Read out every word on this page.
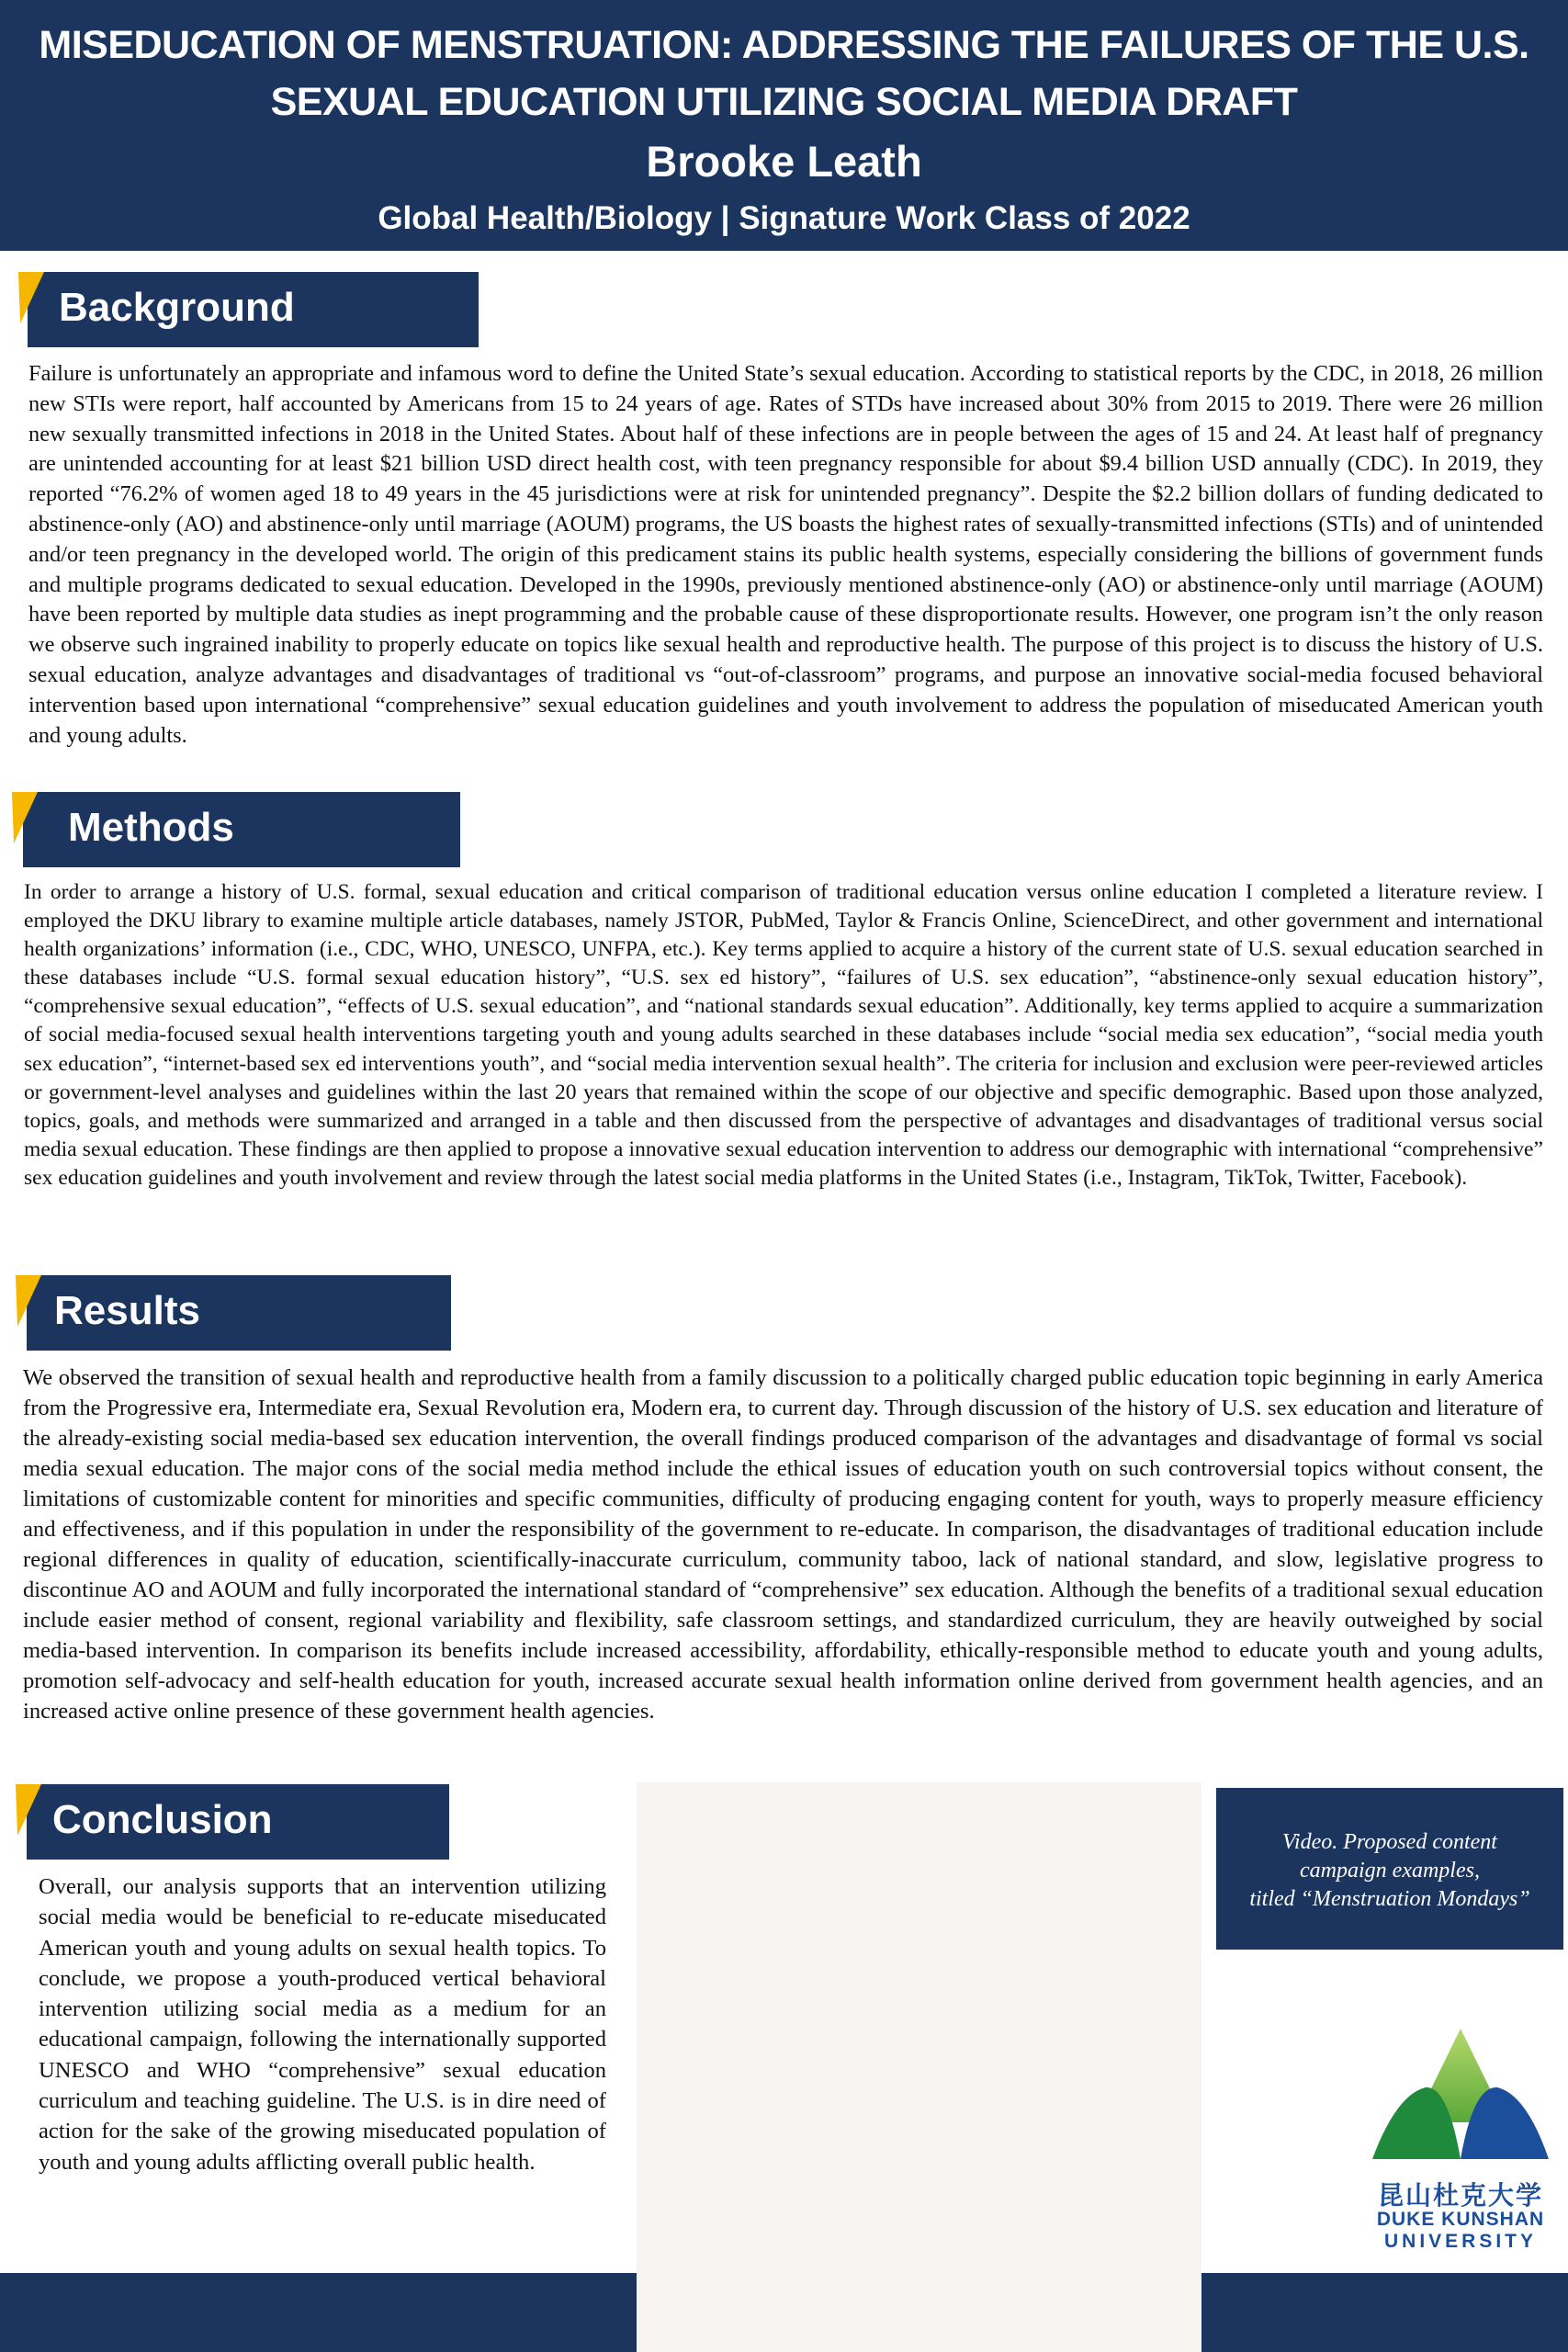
MISEDUCATION OF MENSTRUATION: ADDRESSING THE FAILURES OF THE U.S.
SEXUAL EDUCATION UTILIZING SOCIAL MEDIA DRAFT
Brooke Leath
Global Health/Biology | Signature Work Class of 2022
Background
Failure is unfortunately an appropriate and infamous word to define the United State’s sexual education. According to statistical reports by the CDC, in 2018, 26 million new STIs were report, half accounted by Americans from 15 to 24 years of age. Rates of STDs have increased about 30% from 2015 to 2019. There were 26 million new sexually transmitted infections in 2018 in the United States. About half of these infections are in people between the ages of 15 and 24. At least half of pregnancy are unintended accounting for at least $21 billion USD direct health cost, with teen pregnancy responsible for about $9.4 billion USD annually (CDC). In 2019, they reported “76.2% of women aged 18 to 49 years in the 45 jurisdictions were at risk for unintended pregnancy”. Despite the $2.2 billion dollars of funding dedicated to abstinence-only (AO) and abstinence-only until marriage (AOUM) programs, the US boasts the highest rates of sexually-transmitted infections (STIs) and of unintended and/or teen pregnancy in the developed world. The origin of this predicament stains its public health systems, especially considering the billions of government funds and multiple programs dedicated to sexual education. Developed in the 1990s, previously mentioned abstinence-only (AO) or abstinence-only until marriage (AOUM) have been reported by multiple data studies as inept programming and the probable cause of these disproportionate results. However, one program isn’t the only reason we observe such ingrained inability to properly educate on topics like sexual health and reproductive health. The purpose of this project is to discuss the history of U.S. sexual education, analyze advantages and disadvantages of traditional vs “out-of-classroom” programs, and purpose an innovative social-media focused behavioral intervention based upon international “comprehensive” sexual education guidelines and youth involvement to address the population of miseducated American youth and young adults.
Methods
In order to arrange a history of U.S. formal, sexual education and critical comparison of traditional education versus online education I completed a literature review. I employed the DKU library to examine multiple article databases, namely JSTOR, PubMed, Taylor & Francis Online, ScienceDirect, and other government and international health organizations’ information (i.e., CDC, WHO, UNESCO, UNFPA, etc.). Key terms applied to acquire a history of the current state of U.S. sexual education searched in these databases include “U.S. formal sexual education history”, “U.S. sex ed history”, “failures of U.S. sex education”, “abstinence-only sexual education history”, “comprehensive sexual education”, “effects of U.S. sexual education”, and “national standards sexual education”. Additionally, key terms applied to acquire a summarization of social media-focused sexual health interventions targeting youth and young adults searched in these databases include “social media sex education”, “social media youth sex education”, “internet-based sex ed interventions youth”, and “social media intervention sexual health”. The criteria for inclusion and exclusion were peer-reviewed articles or government-level analyses and guidelines within the last 20 years that remained within the scope of our objective and specific demographic. Based upon those analyzed, topics, goals, and methods were summarized and arranged in a table and then discussed from the perspective of advantages and disadvantages of traditional versus social media sexual education. These findings are then applied to propose a innovative sexual education intervention to address our demographic with international “comprehensive” sex education guidelines and youth involvement and review through the latest social media platforms in the United States (i.e., Instagram, TikTok, Twitter, Facebook).
Results
We observed the transition of sexual health and reproductive health from a family discussion to a politically charged public education topic beginning in early America from the Progressive era, Intermediate era, Sexual Revolution era, Modern era, to current day. Through discussion of the history of U.S. sex education and literature of the already-existing social media-based sex education intervention, the overall findings produced comparison of the advantages and disadvantage of formal vs social media sexual education. The major cons of the social media method include the ethical issues of education youth on such controversial topics without consent, the limitations of customizable content for minorities and specific communities, difficulty of producing engaging content for youth, ways to properly measure efficiency and effectiveness, and if this population in under the responsibility of the government to re-educate. In comparison, the disadvantages of traditional education include regional differences in quality of education, scientifically-inaccurate curriculum, community taboo, lack of national standard, and slow, legislative progress to discontinue AO and AOUM and fully incorporated the international standard of “comprehensive” sex education. Although the benefits of a traditional sexual education include easier method of consent, regional variability and flexibility, safe classroom settings, and standardized curriculum, they are heavily outweighed by social media-based intervention. In comparison its benefits include increased accessibility, affordability, ethically-responsible method to educate youth and young adults, promotion self-advocacy and self-health education for youth, increased accurate sexual health information online derived from government health agencies, and an increased active online presence of these government health agencies.
Conclusion
Overall, our analysis supports that an intervention utilizing social media would be beneficial to re-educate miseducated American youth and young adults on sexual health topics. To conclude, we propose a youth-produced vertical behavioral intervention utilizing social media as a medium for an educational campaign, following the internationally supported UNESCO and WHO “comprehensive” sexual education curriculum and teaching guideline. The U.S. is in dire need of action for the sake of the growing miseducated population of youth and young adults afflicting overall public health.
Video. Proposed content
campaign examples,
titled “Menstruation Mondays”
昆山杜克大学
DUKE KUNSHAN
UNIVERSITY
